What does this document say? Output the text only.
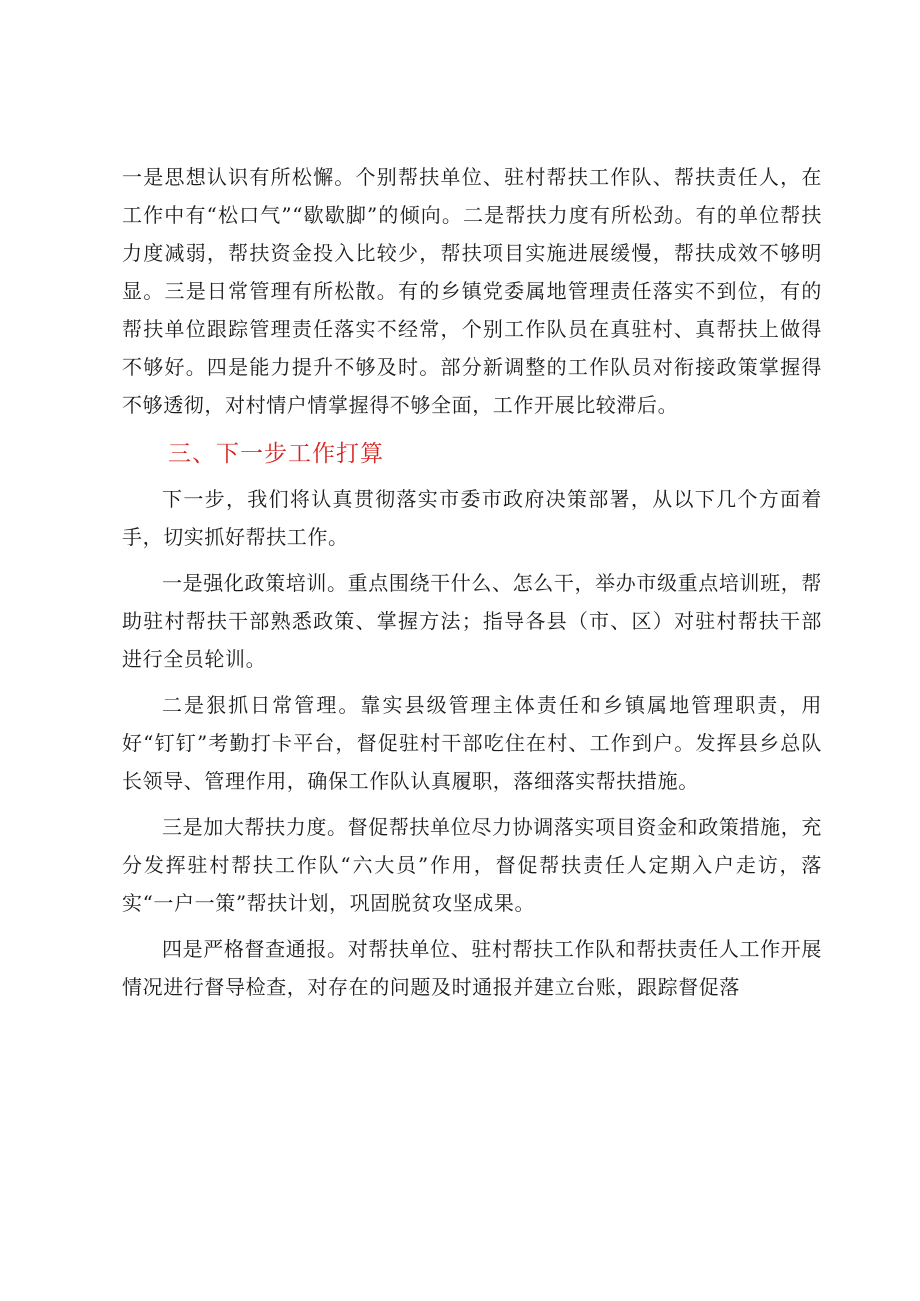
一是思想认识有所松懈。个别帮扶单位、驻村帮扶工作队、帮扶责任人，在工作中有“松口气”“歇歇脚”的倾向。二是帮扶力度有所松劲。有的单位帮扶力度减弱，帮扶资金投入比较少，帮扶项目实施进展缓慢，帮扶成效不够明显。三是日常管理有所松散。有的乡镇党委属地管理责任落实不到位，有的帮扶单位跟踪管理责任落实不经常，个别工作队员在真驻村、真帮扶上做得不够好。四是能力提升不够及时。部分新调整的工作队员对衔接政策掌握得不够透彻，对村情户情掌握得不够全面，工作开展比较滞后。

三、下一步工作打算

下一步，我们将认真贯彻落实市委市政府决策部署，从以下几个方面着手，切实抓好帮扶工作。

一是强化政策培训。重点围绕干什么、怎么干，举办市级重点培训班，帮助驻村帮扶干部熟悉政策、掌握方法；指导各县（市、区）对驻村帮扶干部进行全员轮训。

二是狠抓日常管理。靠实县级管理主体责任和乡镇属地管理职责，用好“钉钉”考勤打卡平台，督促驻村干部吃住在村、工作到户。发挥县乡总队长领导、管理作用，确保工作队认真履职，落细落实帮扶措施。

三是加大帮扶力度。督促帮扶单位尽力协调落实项目资金和政策措施，充分发挥驻村帮扶工作队“六大员”作用，督促帮扶责任人定期入户走访，落实“一户一策”帮扶计划，巩固脱贫攻坚成果。

四是严格督查通报。对帮扶单位、驻村帮扶工作队和帮扶责任人工作开展情况进行督导检查，对存在的问题及时通报并建立台账，跟踪督促落
